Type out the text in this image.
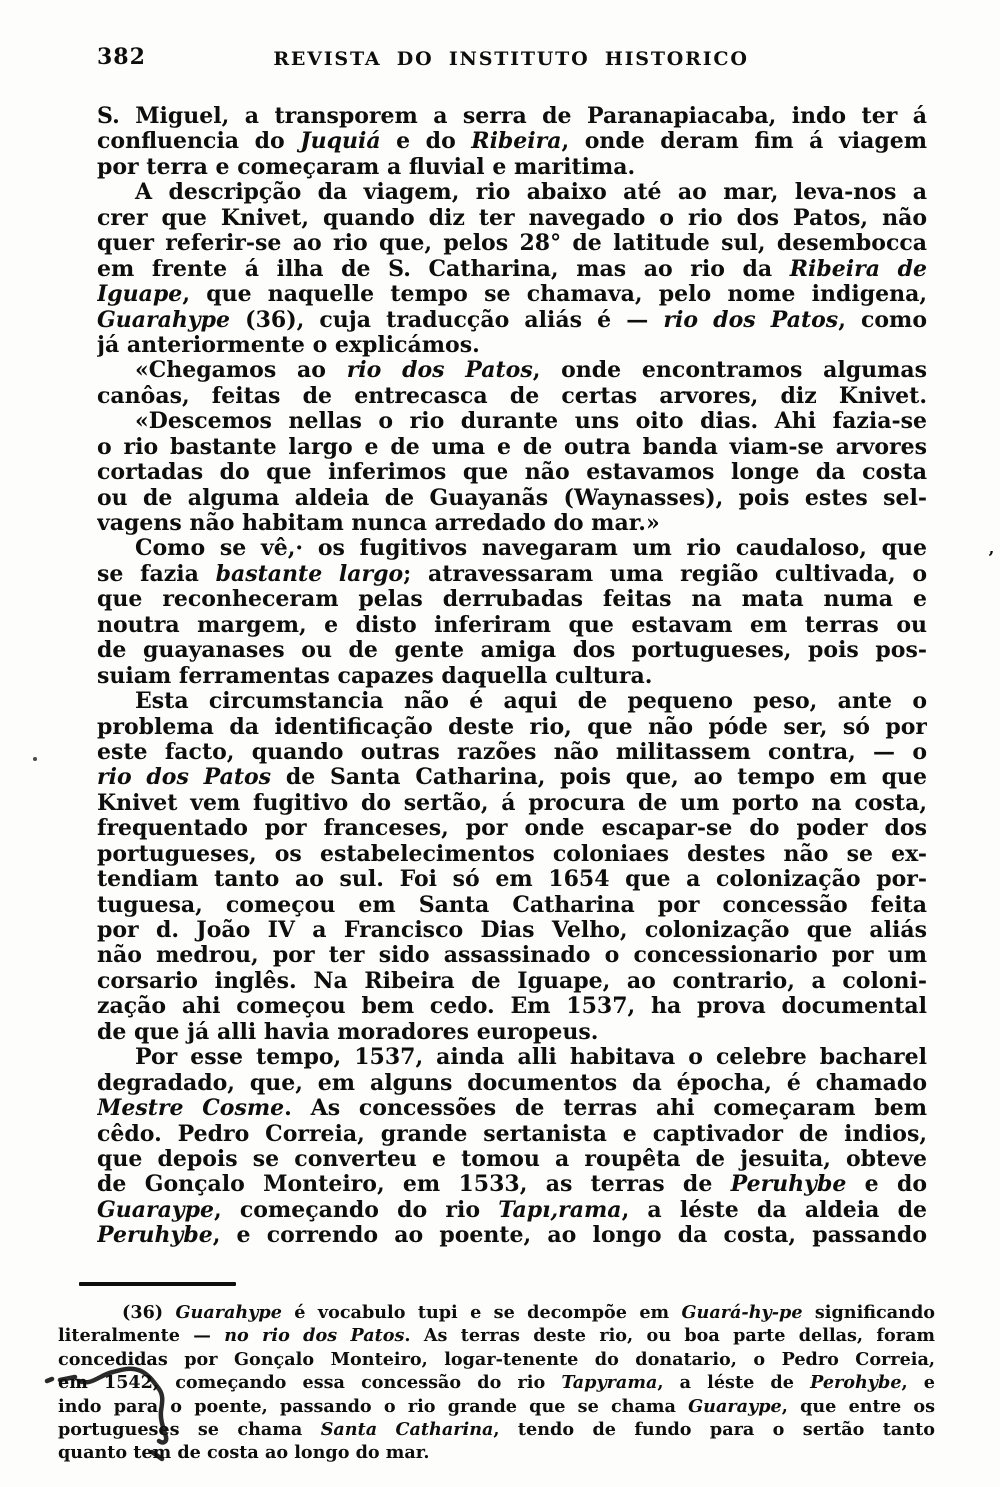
382	REVISTA DO INSTITUTO HISTORICO
S. Miguel, a transporem a serra de Paranapiacaba, indo ter á
confluencia do Juquiá e do Ribeira, onde deram fim á viagem
por terra e começaram a fluvial e maritima.
A descripção da viagem, rio abaixo até ao mar, leva-nos a
crer que Knivet, quando diz ter navegado o rio dos Patos, não
quer referir-se ao rio que, pelos 28° de latitude sul, desembocca
em frente á ilha de S. Catharina, mas ao rio da Ribeira de
Iguape, que naquelle tempo se chamava, pelo nome indigena,
Guarahype (36), cuja traducção aliás é — rio dos Patos, como
já anteriormente o explicámos.
«Chegamos ao rio dos Patos, onde encontramos algumas
canôas, feitas de entrecasca de certas arvores, diz Knivet.
«Descemos nellas o rio durante uns oito dias. Ahi fazia-se
o rio bastante largo e de uma e de outra banda viam-se arvores
cortadas do que inferimos que não estavamos longe da costa
ou de alguma aldeia de Guayanãs (Waynasses), pois estes sel-
vagens não habitam nunca arredado do mar.»
Como se vê,· os fugitivos navegaram um rio caudaloso, que
se fazia bastante largo; atravessaram uma região cultivada, o
que reconheceram pelas derrubadas feitas na mata numa e
noutra margem, e disto inferiram que estavam em terras ou
de guayanases ou de gente amiga dos portugueses, pois pos-
suiam ferramentas capazes daquella cultura.
Esta circumstancia não é aqui de pequeno peso, ante o
problema da identificação deste rio, que não póde ser, só por
este facto, quando outras razões não militassem contra, — o
rio dos Patos de Santa Catharina, pois que, ao tempo em que
Knivet vem fugitivo do sertão, á procura de um porto na costa,
frequentado por franceses, por onde escapar-se do poder dos
portugueses, os estabelecimentos coloniaes destes não se ex-
tendiam tanto ao sul. Foi só em 1654 que a colonização por-
tuguesa, começou em Santa Catharina por concessão feita
por d. João IV a Francisco Dias Velho, colonização que aliás
não medrou, por ter sido assassinado o concessionario por um
corsario inglês. Na Ribeira de Iguape, ao contrario, a coloni-
zação ahi começou bem cedo. Em 1537, ha prova documental
de que já alli havia moradores europeus.
Por esse tempo, 1537, ainda alli habitava o celebre bacharel
degradado, que, em alguns documentos da épocha, é chamado
Mestre Cosme. As concessões de terras ahi começaram bem
cêdo. Pedro Correia, grande sertanista e captivador de indios,
que depois se converteu e tomou a roupêta de jesuita, obteve
de Gonçalo Monteiro, em 1533, as terras de Peruhybe e do
Guaraype, começando do rio Tapı,rama, a léste da aldeia de
Peruhybe, e correndo ao poente, ao longo da costa, passando
(36) Guarahype é vocabulo tupi e se decompõe em Guará-hy-pe significando
literalmente — no rio dos Patos. As terras deste rio, ou boa parte dellas, foram
concedidas por Gonçalo Monteiro, logar-tenente do donatario, o Pedro Correia,
em 1542, começando essa concessão do rio Tapyrama, a léste de Perohybe, e
indo para o poente, passando o rio grande que se chama Guaraype, que entre os
portugueses se chama Santa Catharina, tendo de fundo para o sertão tanto
quanto tem de costa ao longo do mar.
’
